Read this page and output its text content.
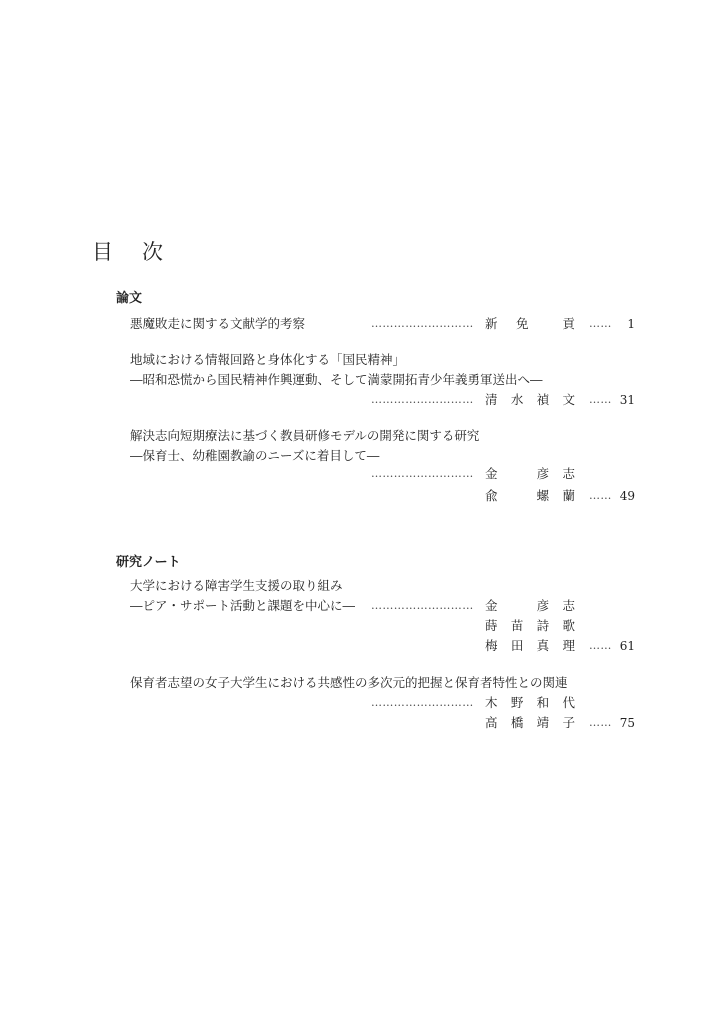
目　次
論文
悪魔敗走に関する文献学的考察	……………………… 新　免　　貢 …… 1
地域における情報回路と身体化する「国民精神」
―昭和恐慌から国民精神作興運動、そして満蒙開拓青少年義勇軍送出へ―
……………………… 清水禎文 …… 31
解決志向短期療法に基づく教員研修モデルの開発に関する研究
―保育士、幼稚園教諭のニーズに着目して―
……………………… 金　彦志
兪　螺蘭 …… 49
研究ノート
大学における障害学生支援の取り組み
―ピア・サポート活動と課題を中心に― ……………………… 金　彦志
蒔苗詩歌
梅田真理 …… 61
保育者志望の女子大学生における共感性の多次元的把握と保育者特性との関連
……………………… 木野和代
高橋靖子 …… 75
